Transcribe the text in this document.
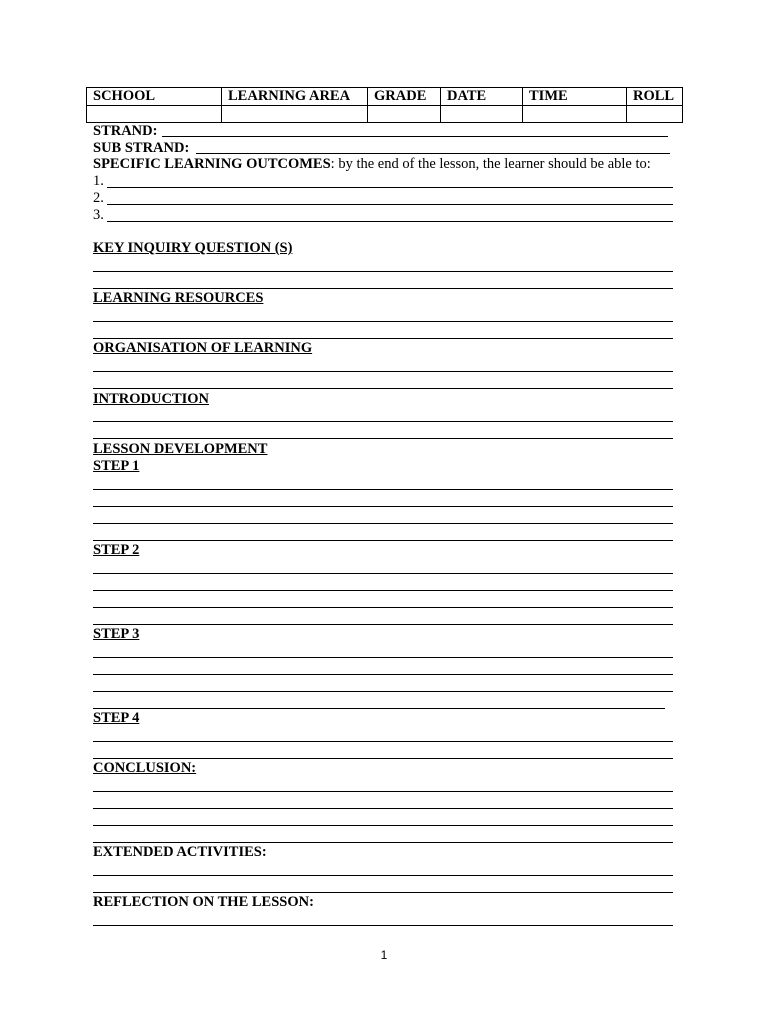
SCHOOL	LEARNING AREA	GRADE	DATE	TIME	ROLL

STRAND:
SUB STRAND:
SPECIFIC LEARNING OUTCOMES: by the end of the lesson, the learner should be able to:
1.
2.
3.
KEY INQUIRY QUESTION (S)
LEARNING RESOURCES
ORGANISATION OF LEARNING
INTRODUCTION
LESSON DEVELOPMENT
STEP 1
STEP 2
STEP 3
STEP 4
CONCLUSION:
EXTENDED ACTIVITIES:
REFLECTION ON THE LESSON:
1
